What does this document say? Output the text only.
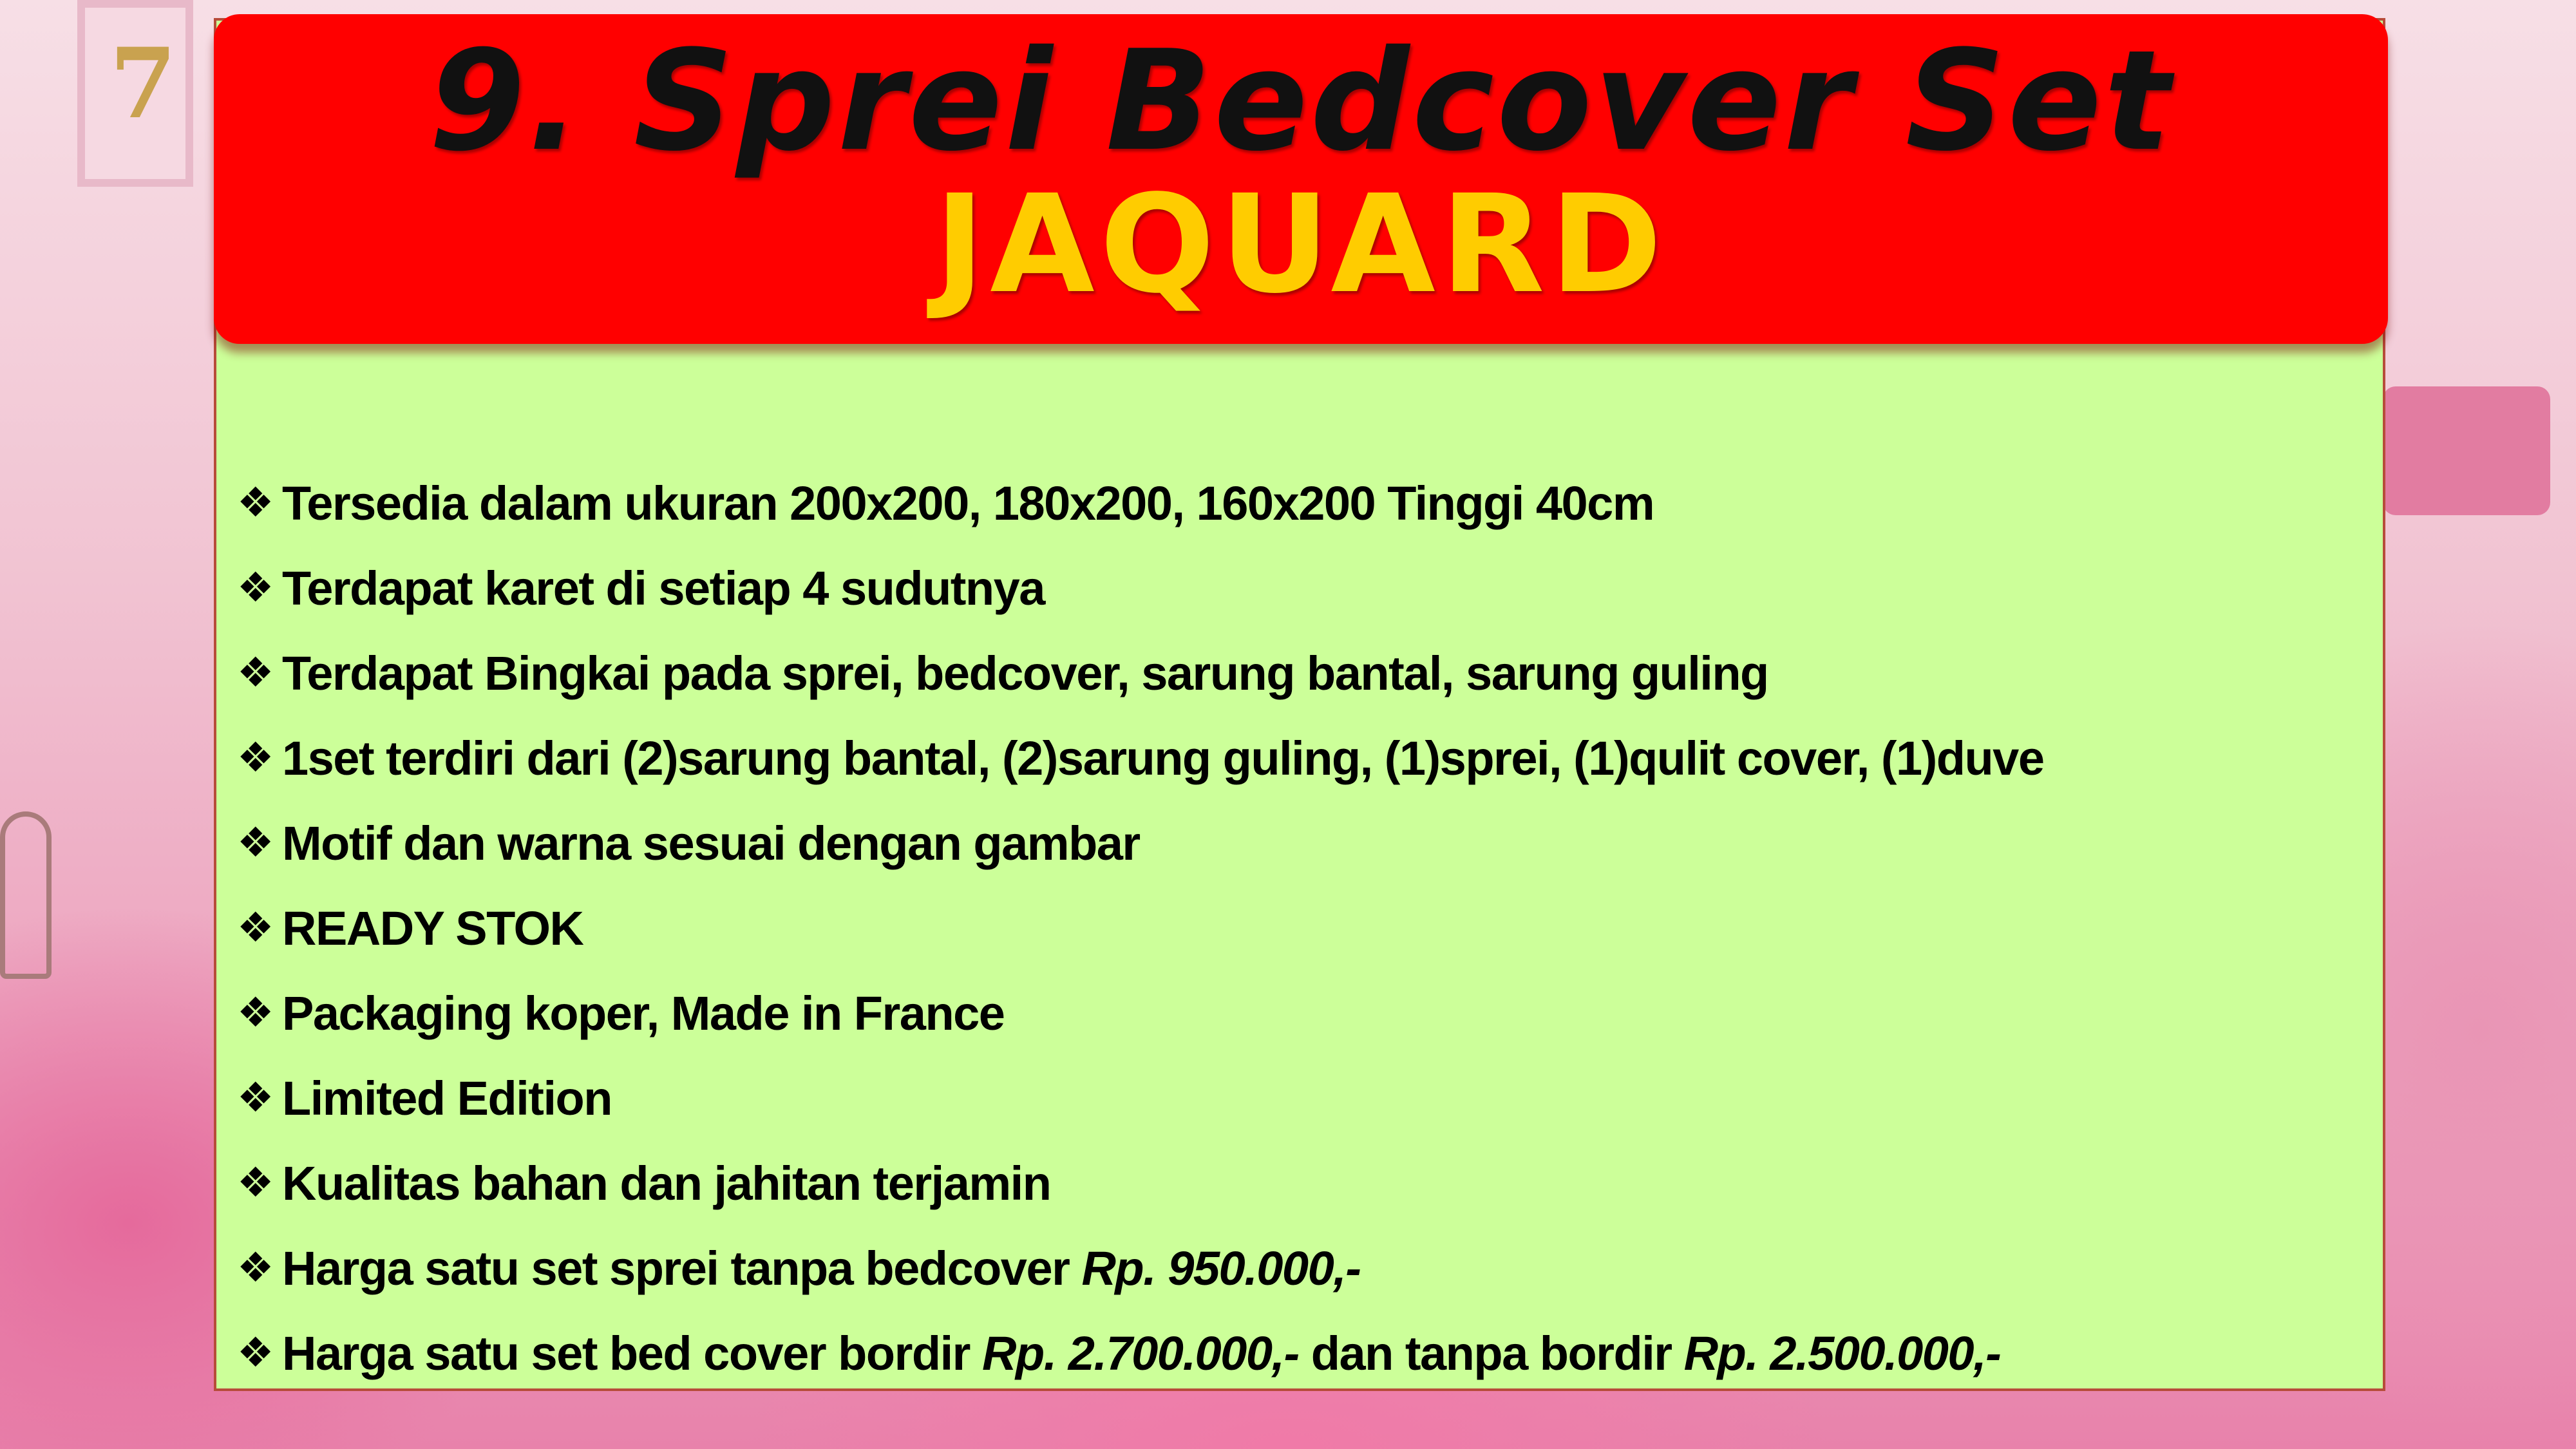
7	9. Sprei Bedcover Set
JAQUARD
❖ Tersedia dalam ukuran 200x200, 180x200, 160x200 Tinggi 40cm
❖ Terdapat karet di setiap 4 sudutnya
❖ Terdapat Bingkai pada sprei, bedcover, sarung bantal, sarung guling
❖ 1set terdiri dari (2)sarung bantal, (2)sarung guling, (1)sprei, (1)qulit cover, (1)duve
❖ Motif dan warna sesuai dengan gambar
❖ READY STOK
❖ Packaging koper, Made in France
❖ Limited Edition
❖ Kualitas bahan dan jahitan terjamin
❖ Harga satu set sprei tanpa bedcover Rp. 950.000,-
❖ Harga satu set bed cover bordir Rp. 2.700.000,- dan tanpa bordir Rp. 2.500.000,-
